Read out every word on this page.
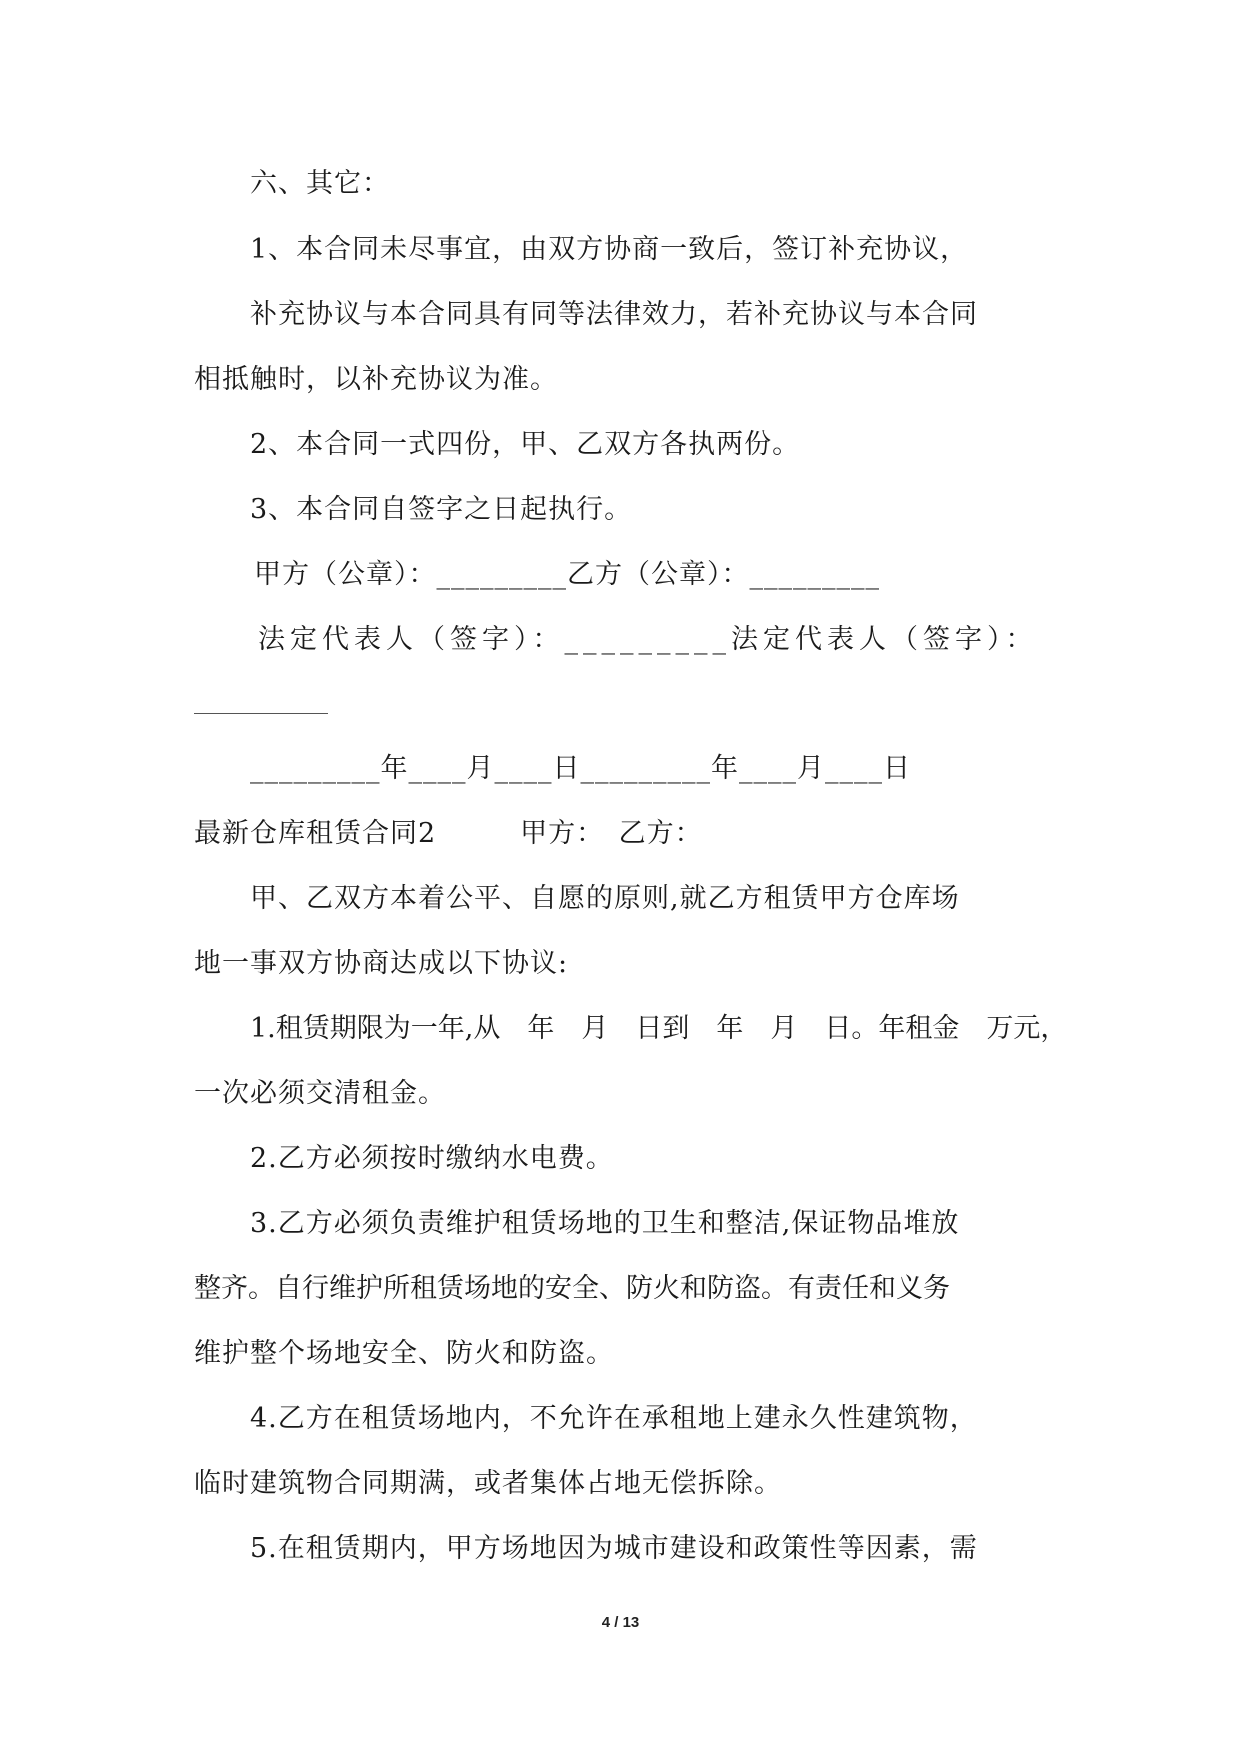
六、其它：
1、本合同未尽事宜，由双方协商一致后，签订补充协议，
补充协议与本合同具有同等法律效力，若补充协议与本合同
相抵触时，以补充协议为准。
2、本合同一式四份，甲、乙双方各执两份。
3、本合同自签字之日起执行。
甲方（公章）：_________乙方（公章）：_________
法定代表人（签字）：_________法定代表人（签字）：
_________年____月____日_________年____月____日
最新仓库租赁合同2　　　甲方：　乙方：
甲、乙双方本着公平、自愿的原则,就乙方租赁甲方仓库场
地一事双方协商达成以下协议:
1.租赁期限为一年,从　年　月　日到　年　月　日。年租金　万元，
一次必须交清租金。
2.乙方必须按时缴纳水电费。
3.乙方必须负责维护租赁场地的卫生和整洁,保证物品堆放
整齐。自行维护所租赁场地的安全、防火和防盗。有责任和义务
维护整个场地安全、防火和防盗。
4.乙方在租赁场地内，不允许在承租地上建永久性建筑物，
临时建筑物合同期满，或者集体占地无偿拆除。
5.在租赁期内，甲方场地因为城市建设和政策性等因素，需
4 / 13
